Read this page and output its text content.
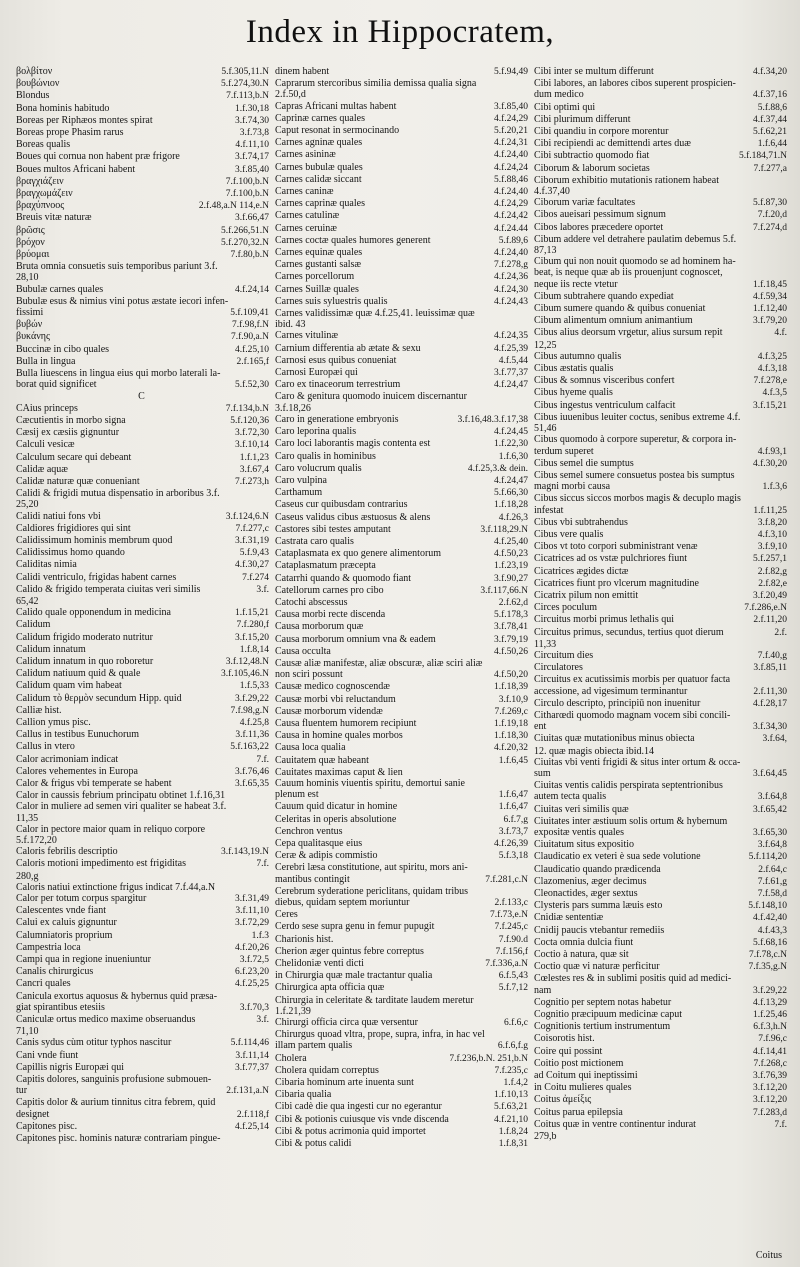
Index in Hippocratem,
βολβίτον	5.f.305,11.N
βουβώνιον	5.f.274,30.N
Blondus	7.f.113,b.N
Bona hominis habitudo	1.f.30,18
Boreas per Riphæos montes spirat	3.f.74,30
Boreas prope Phasim rarus	3.f.73,8
Boreas qualis	4.f.11,10
Boues qui cornua non habent præ frigore	3.f.74,17
Boues multos Africani habent	3.f.85,40
βραγχιάζειν	7.f.100,b.N
βραγχωμάζειν	7.f.100,b.N
βραχύπνοος	2.f.48,a.N 114,e.N
Breuis vitæ naturæ	3.f.66,47
βρῶσις	5.f.266,51.N
βρόχον	5.f.270,32.N
βρύομαι	7.f.80,b.N
Bruta omnia consuetis suis temporibus pariunt 3.f.
28,10
Bubulæ carnes quales	4.f.24,14
Bubulæ esus & nimius vini potus æstate iecori infen-
fissimi	5.f.109,41
βυβών	7.f.98,f.N
βυκάνης	7.f.90,a.N
Buccinæ in cibo quales	4.f.25,10
Bulla in lingua	2.f.165,f
Bulla liuescens in lingua eius qui morbo laterali la-
borat quid significet	5.f.52,30
C
CAius princeps	7.f.134,b.N
Cæcutientis in morbo signa	5.f.120,36
Cæsij ex cæsiis gignuntur	3.f.72,30
Calculi vesicæ	3.f.10,14
Calculum secare qui debeant	1.f.1,23
Calidæ aquæ	3.f.67,4
Calidæ naturæ quæ conueniant	7.f.273,h
Calidi & frigidi mutua dispensatio in arboribus 3.f.
25,20
Calidi natiui fons vbi	3.f.124,6.N
Caldiores frigidiores qui sint	7.f.277,c
Calidissimum hominis membrum quod	3.f.31,19
Calidissimus homo quando	5.f.9,43
Caliditas nimia	4.f.30,27
Calidi ventriculo, frigidas habent carnes	7.f.274
Calido & frigido temperata ciuitas veri similis	3.f.
65,42
Calido quale opponendum in medicina	1.f.15,21
Calidum	7.f.280,f
Calidum frigido moderato nutritur	3.f.15,20
Calidum innatum	1.f.8,14
Calidum innatum in quo roboretur	3.f.12,48.N
Calidum natiuum quid & quale	3.f.105,46.N
Calidum quam vim habeat	1.f.5,33
Calidum τὸ θερμὸν secundum Hipp. quid	3.f.29,22
Calliæ hist.	7.f.98,g.N
Callion ymus pisc.	4.f.25,8
Callus in testibus Eunuchorum	3.f.11,36
Callus in vtero	5.f.163,22
Calor acrimoniam indicat	7.f.
Calores vehementes in Europa	3.f.76,46
Calor & frigus vbi temperate se habent	3.f.65,35
Calor in caussis febrium principatu obtinet 1.f.16,31
Calor in muliere ad semen viri qualiter se habeat 3.f.
11,35
Calor in pectore maior quam in reliquo corpore
5.f.172,20
Caloris febrilis descriptio	3.f.143,19.N
Caloris motioni impedimento est frigiditas	7.f.
280,g
Caloris natiui extinctione frigus indicat 7.f.44,a.N
Calor per totum corpus spargitur	3.f.31,49
Calescentes vnde fiant	3.f.11,10
Calui ex caluis gignuntur	3.f.72,29
Calumniatoris proprium	1.f.3
Campestria loca	4.f.20,26
Campi qua in regione inueniuntur	3.f.72,5
Canalis chirurgicus	6.f.23,20
Cancri quales	4.f.25,25
Canicula exortus aquosus & hybernus quid præsa-
giat spirantibus etesiis	3.f.70,3
Caniculæ ortus medico maxime obseruandus	3.f.
71,10
Canis sydus cùm otitur typhos nascitur	5.f.114,46
Cani vnde fiunt	3.f.11,14
Capillis nigris Europæi qui	3.f.77,37
Capitis dolores, sanguinis profusione submouen-
tur	2.f.131,a.N
Capitis dolor & aurium tinnitus citra febrem, quid
designet	2.f.118,f
Capitones pisc.	4.f.25,14
Capitones pisc. hominis naturæ contrariam pingue-
dinem habent	5.f.94,49
Caprarum stercoribus similia demissa qualia signa
2.f.50,d
Capras Africani multas habent	3.f.85,40
Caprinæ carnes quales	4.f.24,29
Caput resonat in sermocinando	5.f.20,21
Carnes agninæ quales	4.f.24,31
Carnes asininæ	4.f.24,40
Carnes bubulæ quales	4.f.24,24
Carnes calidæ siccant	5.f.88,46
Carnes caninæ	4.f.24,40
Carnes caprinæ quales	4.f.24,29
Carnes catulinæ	4.f.24,42
Carnes ceruinæ	4.f.24.44
Carnes coctæ quales humores generent	5.f.89,6
Carnes equinæ quales	4.f.24,40
Carnes gustanti salsæ	7.f.278,g
Carnes porcellorum	4.f.24,36
Carnes Suillæ quales	4.f.24,30
Carnes suis syluestris qualis	4.f.24,43
Carnes validissimæ quæ 4.f.25,41. leuissimæ quæ
ibid. 43
Carnes vitulinæ	4.f.24,35
Carnium differentia ab ætate & sexu	4.f.25,39
Carnosi esus quibus conueniat	4.f.5,44
Carnosi Europæi qui	3.f.77,37
Caro ex tinaceorum terrestrium	4.f.24,47
Caro & genitura quomodo inuicem discernantur
3.f.18,26
Caro in generatione embryonis	3.f.16,48.3.f.17,38
Caro leporina qualis	4.f.24,45
Caro loci laborantis magis contenta est	1.f.22,30
Caro qualis in hominibus	1.f.6,30
Caro volucrum qualis	4.f.25,3.& dein.
Caro vulpina	4.f.24,47
Carthamum	5.f.66,30
Caseus cur quibusdam contrarius	1.f.18,28
Caseus validus cibus æstuosus & alens	4.f.26,3
Castores sibi testes amputant	3.f.118,29.N
Castrata caro qualis	4.f.25,40
Cataplasmata ex quo genere alimentorum	4.f.50,23
Cataplasmatum præcepta	1.f.23,19
Catarrhi quando & quomodo fiant	3.f.90,27
Catellorum carnes pro cibo	3.f.117,66.N
Catochi abscessus	2.f.62,d
Causa morbi recte discenda	5.f.178,3
Causa morborum quæ	3.f.78,41
Causa morborum omnium vna & eadem	3.f.79,19
Causa occulta	4.f.50,26
Causæ aliæ manifestæ, aliæ obscuræ, aliæ sciri aliæ
non sciri possunt	4.f.50,20
Causæ medico cognoscendæ	1.f.18,39
Causæ morbi vbi reluctandum	3.f.10,9
Causæ morborum videndæ	7.f.269,c
Causa fluentem humorem recipiunt	1.f.19,18
Causa in homine quales morbos	1.f.18,30
Causa loca qualia	4.f.20,32
Cauitatem quæ habeant	1.f.6,45
Cauitates maximas caput & lien
Cauum hominis viuentis spiritu, demortui sanie
plenum est	1.f.6,47
Cauum quid dicatur in homine	1.f.6,47
Celeritas in operis absolutione	6.f.7,g
Cenchron ventus	3.f.73,7
Cepa qualitasque eius	4.f.26,39
Ceræ & adipis commistio	5.f.3,18
Cerebri læsa constitutione, aut spiritu, mors ani-
mantibus contingit	7.f.281,c.N
Cerebrum syderatione periclitans, quidam tribus
diebus, quidam septem moriuntur	2.f.133,c
Ceres	7.f.73,e.N
Cerdo sese supra genu in femur pupugit	7.f.245,c
Charionis hist.	7.f.90.d
Cherion æger quintus febre correptus	7.f.156,f
Chelidoniæ venti dicti	7.f.336,a.N
in Chirurgia quæ male tractantur qualia	6.f.5,43
Chirurgica apta officia quæ	5.f.7,12
Chirurgia in celeritate & tarditate laudem meretur
1.f.21,39
Chirurgi officia circa quæ versentur	6.f.6,c
Chirurgus quoad vltra, prope, supra, infra, in hac vel
illam partem qualis	6.f.6,f.g
Cholera	7.f.236,b.N. 251,b.N
Cholera quidam correptus	7.f.235,c
Cibaria hominum arte inuenta sunt	1.f.4,2
Cibaria qualia	1.f.10,13
Cibi cadè die qua ingesti cur no egerantur	5.f.63,21
Cibi & potionis cuiusque vis vnde discenda	4.f.21,10
Cibi & potus acrimonia quid importet	1.f.8,24
Cibi & potus calidi	1.f.8,31
Cibi inter se multum differunt	4.f.34,20
Cibi labores, an labores cibos superent prospicien-
dum medico	4.f.37,16
Cibi optimi qui	5.f.88,6
Cibi plurimum differunt	4.f.37,44
Cibi quandiu in corpore morentur	5.f.62,21
Cibi recipiendi ac demittendi artes duæ	1.f.6,44
Cibi subtractio quomodo fiat	5.f.184,71.N
Ciborum & laborum societas	7.f.277,a
Ciborum exhibitio mutationis rationem habeat
4.f.37,40
Ciborum variæ facultates	5.f.87,30
Cibos aueisari pessimum signum	7.f.20,d
Cibos labores præcedere oportet	7.f.274,d
Cibum addere vel detrahere paulatim debemus 5.f.
87,13
Cibum qui non nouit quomodo se ad hominem ha-
beat, is neque quæ ab iis prouenjunt cognoscet,
neque iis recte vtetur	1.f.18,45
Cibum subtrahere quando expediat	4.f.59,34
Cibum sumere quando & quibus conueniat	1.f.12,40
Cibum alimentum omnium animantium	3.f.79,20
Cibus alius deorsum vrgetur, alius sursum repit	4.f.
12,25
Cibus autumno qualis	4.f.3,25
Cibus æstatis qualis	4.f.3,18
Cibus & somnus visceribus confert	7.f.278,e
Cibus hyeme qualis	4.f.3,5
Cibus ingestus ventriculum calfacit	3.f.15,21
Cibus iuuenibus leuiter coctus, senibus extreme 4.f.
51,46
Cibus quomodo à corpore superetur, & corpora in-
terdum superet	4.f.93,1
Cibus semel die sumptus	4.f.30,20
Cibus semel sumere consuetus postea bis sumptus
magni morbi causa	1.f.3,6
Cibus siccus siccos morbos magis & decuplo magis
infestat	1.f.11,25
Cibus vbi subtrahendus	3.f.8,20
Cibus vere qualis	4.f.3,10
Cibos vt toto corpori subministrant venæ	3.f.9,10
Cicatrices ad os vstæ pulchriores fiunt	5.f.257,1
Cicatrices ægides dictæ	2.f.82,g
Cicatrices fiunt pro vlcerum magnitudine	2.f.82,e
Cicatrix pilum non emittit	3.f.20,49
Circes poculum	7.f.286,e.N
Circuitus morbi primus lethalis qui	2.f.11,20
Circuitus primus, secundus, tertius quot dierum	2.f.
11,33
Circuitum dies	7.f.40,g
Circulatores	3.f.85,11
Circuitus ex acutissimis morbis per quatuor facta
accessione, ad vigesimum terminantur	2.f.11,30
Circulo descripto, principiū non inuenitur	4.f.28,17
Citharœdi quomodo magnam vocem sibi concili-
ent	3.f.34,30
Ciuitas quæ mutationibus minus obiecta	3.f.64,
12. quæ magis obiecta ibid.14
Ciuitas vbi venti frigidi & situs inter ortum & occa-
sum	3.f.64,45
Ciuitas ventis calidis perspirata septentrionibus
autem tecta qualis	3.f.64,8
Ciuitas veri similis quæ	3.f.65,42
Ciuitates inter æstiuum solis ortum & hybernum
expositæ ventis quales	3.f.65,30
Ciuitatum situs expositio	3.f.64,8
Claudicatio ex veteri è sua sede volutione	5.f.114,20
Claudicatio quando prædicenda	2.f.64,c
Clazomenius, æger decimus	7.f.61,g
Cleonactides, æger sextus	7.f.58,d
Clysteris pars summa læuis esto	5.f.148,10
Cnidiæ sententiæ	4.f.42,40
Cnidij paucis vtebantur remediis	4.f.43,3
Cocta omnia dulcia fiunt	5.f.68,16
Coctio à natura, quæ sit	7.f.78,c.N
Coctio quæ vi naturæ perficitur	7.f.35,g.N
Cœlestes res & in sublimi positis quid ad medici-
nam	3.f.29,22
Cognitio per septem notas habetur	4.f.13,29
Cognitio præcipuum medicinæ caput	1.f.25,46
Cognitionis tertium instrumentum	6.f.3,h.N
Coisorotis hist.	7.f.96,c
Coire qui possint	4.f.14,41
Coitio post mictionem	7.f.268,c
ad Coitum qui ineptissimi	3.f.76,39
in Coitu mulieres quales	3.f.12,20
Coitus ἀμείξις	3.f.12,20
Coitus parua epilepsia	7.f.283,d
Coitus quæ in ventre continentur indurat	7.f.
279,b
Coitus
